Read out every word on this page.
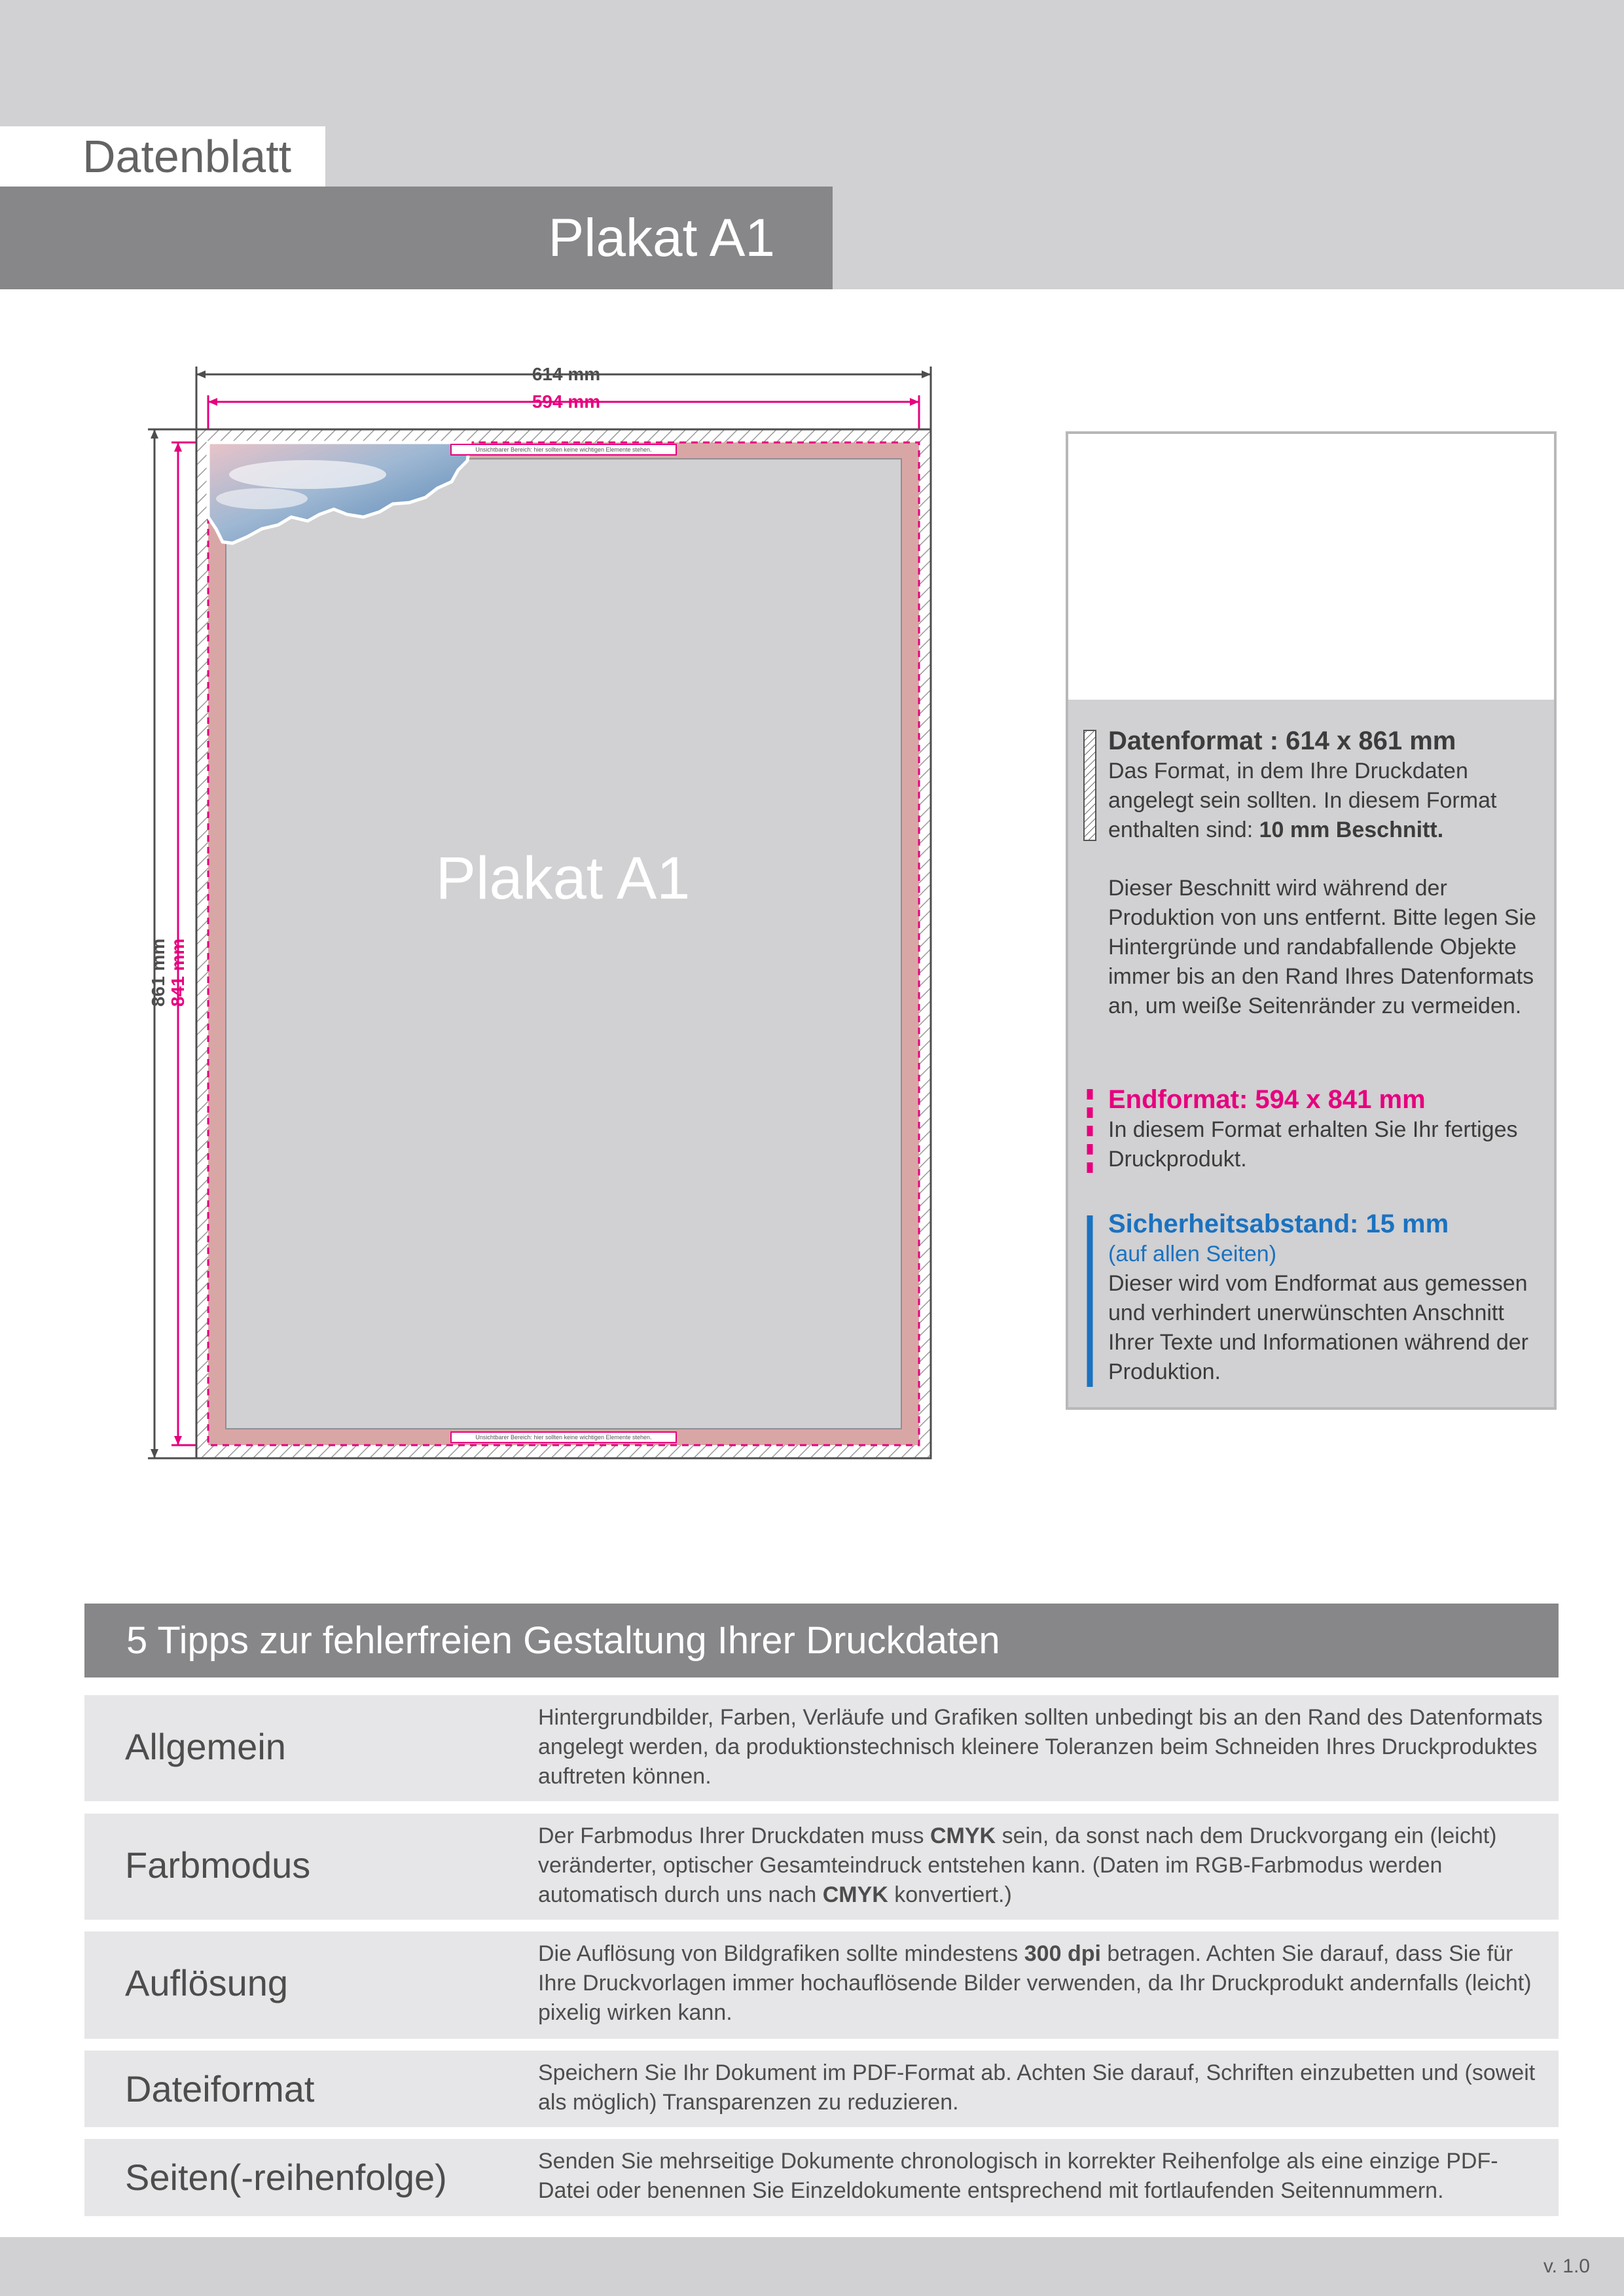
Datenblatt
Plakat A1
614 mm
594 mm
861 mm 841 mm
Plakat A1
Unsichtbarer Bereich: hier sollten keine wichtigen Elemente stehen.
Unsichtbarer Bereich: hier sollten keine wichtigen Elemente stehen.
Datenformat : 614 x 861 mm
Das Format, in dem Ihre Druckdaten angelegt sein sollten. In diesem Format enthalten sind: 10 mm Beschnitt.
Dieser Beschnitt wird während der Produktion von uns entfernt. Bitte legen Sie Hintergründe und randabfallende Objekte immer bis an den Rand Ihres Datenformats an, um weiße Seitenränder zu vermeiden.
Endformat: 594 x 841 mm
In diesem Format erhalten Sie Ihr fertiges Druckprodukt.
Sicherheitsabstand: 15 mm
(auf allen Seiten)
Dieser wird vom Endformat aus gemessen und verhindert unerwünschten Anschnitt Ihrer Texte und Informationen während der Produktion.
5 Tipps zur fehlerfreien Gestaltung Ihrer Druckdaten
Allgemein
Hintergrundbilder, Farben, Verläufe und Grafiken sollten unbedingt bis an den Rand des Datenformats angelegt werden, da produktionstechnisch kleinere Toleranzen beim Schneiden Ihres Druckproduktes auftreten können.
Farbmodus
Der Farbmodus Ihrer Druckdaten muss CMYK sein, da sonst nach dem Druckvorgang ein (leicht) veränderter, optischer Gesamteindruck entstehen kann. (Daten im RGB-Farbmodus werden automatisch durch uns nach CMYK konvertiert.)
Auflösung
Die Auflösung von Bildgrafiken sollte mindestens 300 dpi betragen. Achten Sie darauf, dass Sie für Ihre Druckvorlagen immer hochauflösende Bilder verwenden, da Ihr Druckprodukt andernfalls (leicht) pixelig wirken kann.
Dateiformat	Speichern Sie Ihr Dokument im PDF-Format ab. Achten Sie darauf, Schriften einzubetten und (soweit als möglich) Transparenzen zu reduzieren.
Seiten(-reihenfolge)	Senden Sie mehrseitige Dokumente chronologisch in korrekter Reihenfolge als eine einzige PDF-Datei oder benennen Sie Einzeldokumente entsprechend mit fortlaufenden Seitennummern.
v. 1.0
